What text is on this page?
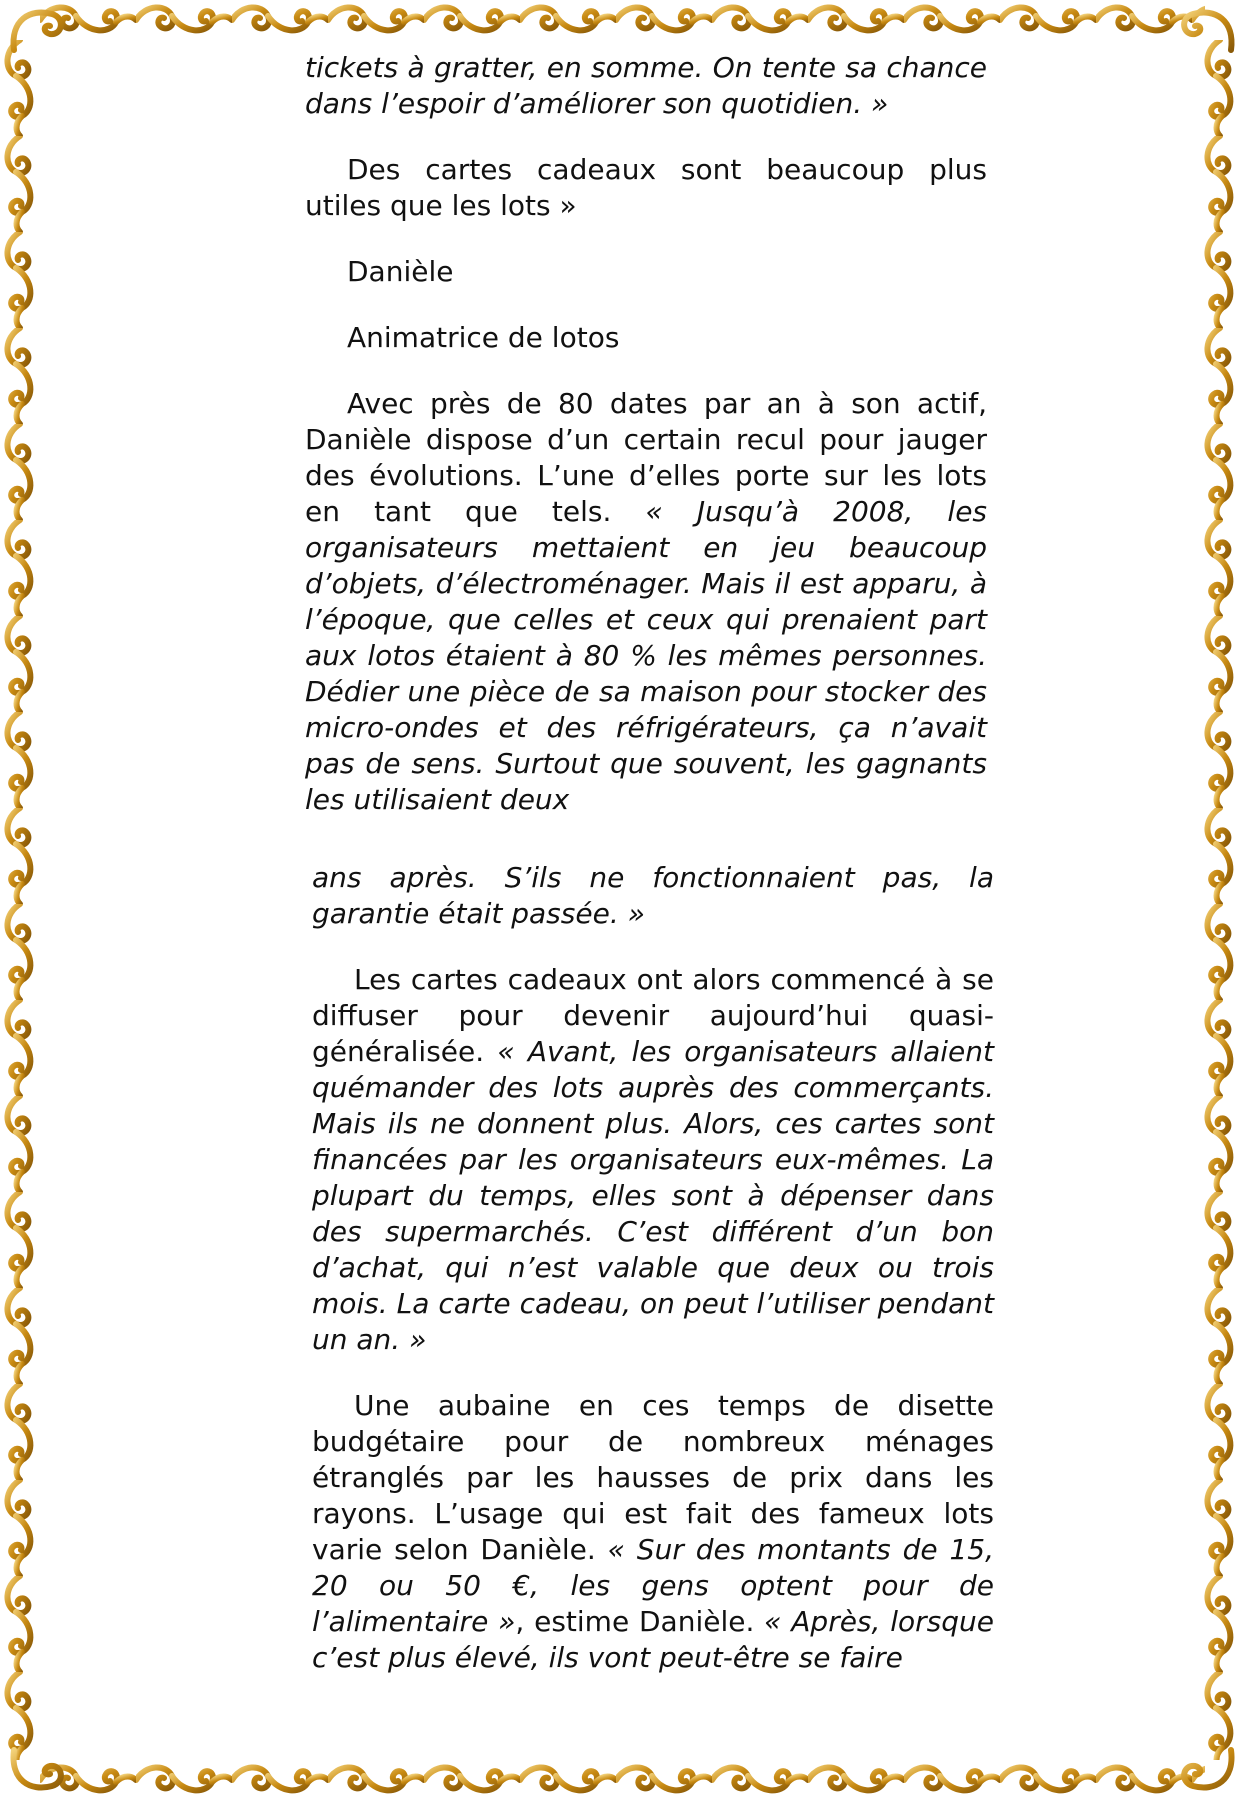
tickets à gratter, en somme. On tente sa chance dans l’espoir d’améliorer son quotidien. »

Des cartes cadeaux sont beaucoup plus utiles que les lots »

Danièle

Animatrice de lotos

Avec près de 80 dates par an à son actif, Danièle dispose d’un certain recul pour jauger des évolutions. L’une d’elles porte sur les lots en tant que tels. « Jusqu’à 2008, les organisateurs mettaient en jeu beaucoup d’objets, d’électroménager. Mais il est apparu, à l’époque, que celles et ceux qui prenaient part aux lotos étaient à 80 % les mêmes personnes. Dédier une pièce de sa maison pour stocker des micro-ondes et des réfrigérateurs, ça n’avait pas de sens. Surtout que souvent, les gagnants les utilisaient deux

ans après. S’ils ne fonctionnaient pas, la garantie était passée. »

Les cartes cadeaux ont alors commencé à se diffuser pour devenir aujourd’hui quasi-généralisée. « Avant, les organisateurs allaient quémander des lots auprès des commerçants. Mais ils ne donnent plus. Alors, ces cartes sont financées par les organisateurs eux-mêmes. La plupart du temps, elles sont à dépenser dans des supermarchés. C’est différent d’un bon d’achat, qui n’est valable que deux ou trois mois. La carte cadeau, on peut l’utiliser pendant un an. »

Une aubaine en ces temps de disette budgétaire pour de nombreux ménages étranglés par les hausses de prix dans les rayons. L’usage qui est fait des fameux lots varie selon Danièle. « Sur des montants de 15, 20 ou 50 €, les gens optent pour de l’alimentaire », estime Danièle. « Après, lorsque c’est plus élevé, ils vont peut-être se faire
